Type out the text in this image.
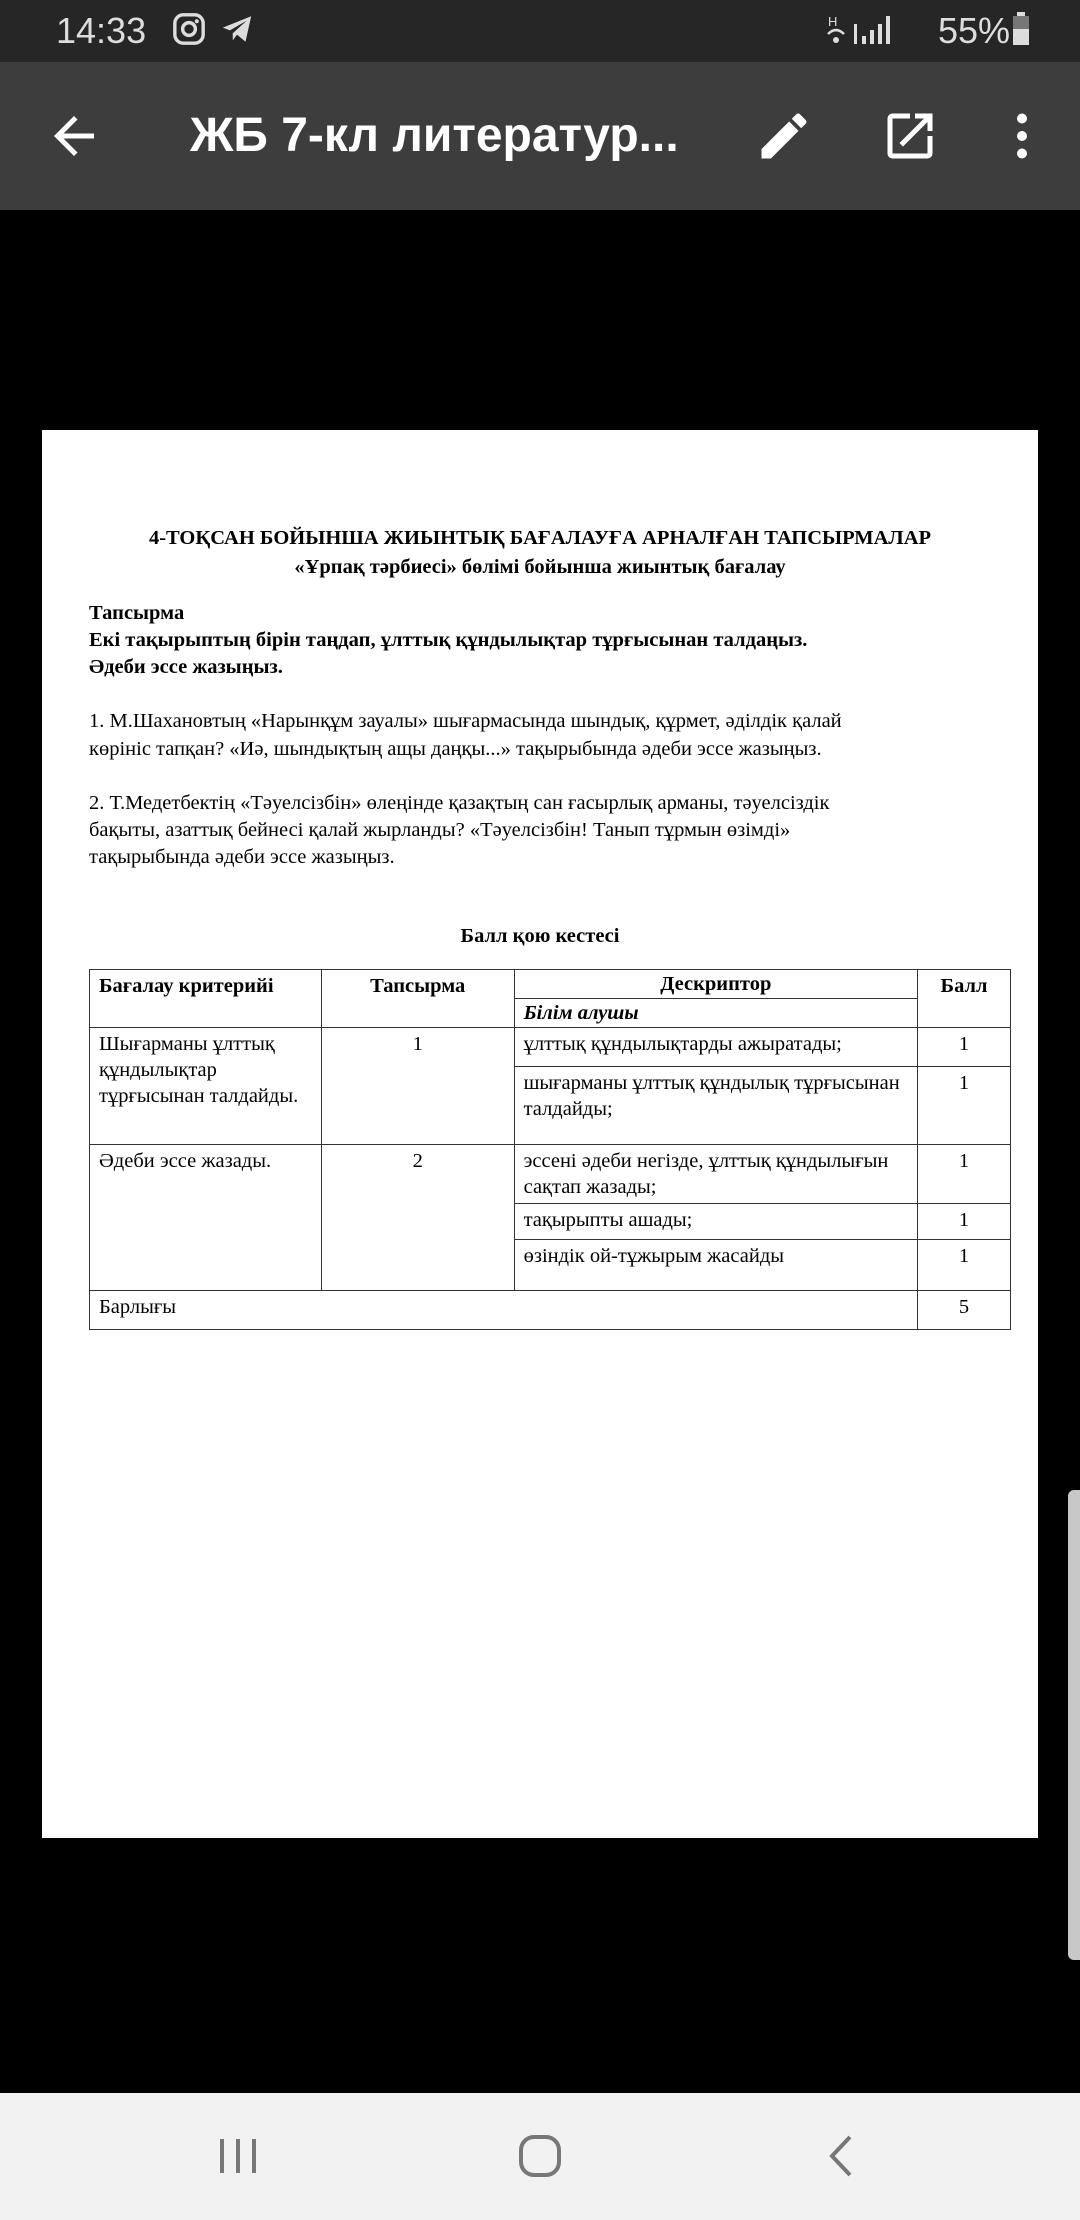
14:33	H	55%
ЖБ 7-кл литератур...
4-ТОҚСАН БОЙЫНША ЖИЫНТЫҚ БАҒАЛАУҒА АРНАЛҒАН ТАПСЫРМАЛАР
«Ұрпақ тәрбиесі» бөлімі бойынша жиынтық бағалау
Тапсырма
Екі тақырыптың бірін таңдап, ұлттық құндылықтар тұрғысынан талдаңыз.
Әдеби эссе жазыңыз.
1. М.Шахановтың «Нарынқұм зауалы» шығармасында шындық, құрмет, әділдік қалай
көрініс тапқан? «Иә, шындықтың ащы даңқы...» тақырыбында әдеби эссе жазыңыз.
2. Т.Медетбектің «Тәуелсізбін» өлеңінде қазақтың сан ғасырлық арманы, тәуелсіздік
бақыты, азаттық бейнесі қалай жырланды? «Тәуелсізбін! Танып тұрмын өзімді»
тақырыбында әдеби эссе жазыңыз.
Балл қою кестесі
Бағалау критерийі	Тапсырма	Дескриптор	Балл
		Білім алушы	
Шығарманы ұлттық құндылықтар тұрғысынан талдайды.	1	ұлттық құндылықтарды ажыратады;	1
		шығарманы ұлттық құндылық тұрғысынан талдайды;	1
Әдеби эссе жазады.	2	эссені әдеби негізде, ұлттық құндылығын сақтап жазады;	1
		тақырыпты ашады;	1
		өзіндік ой-тұжырым жасайды	1
Барлығы			5
